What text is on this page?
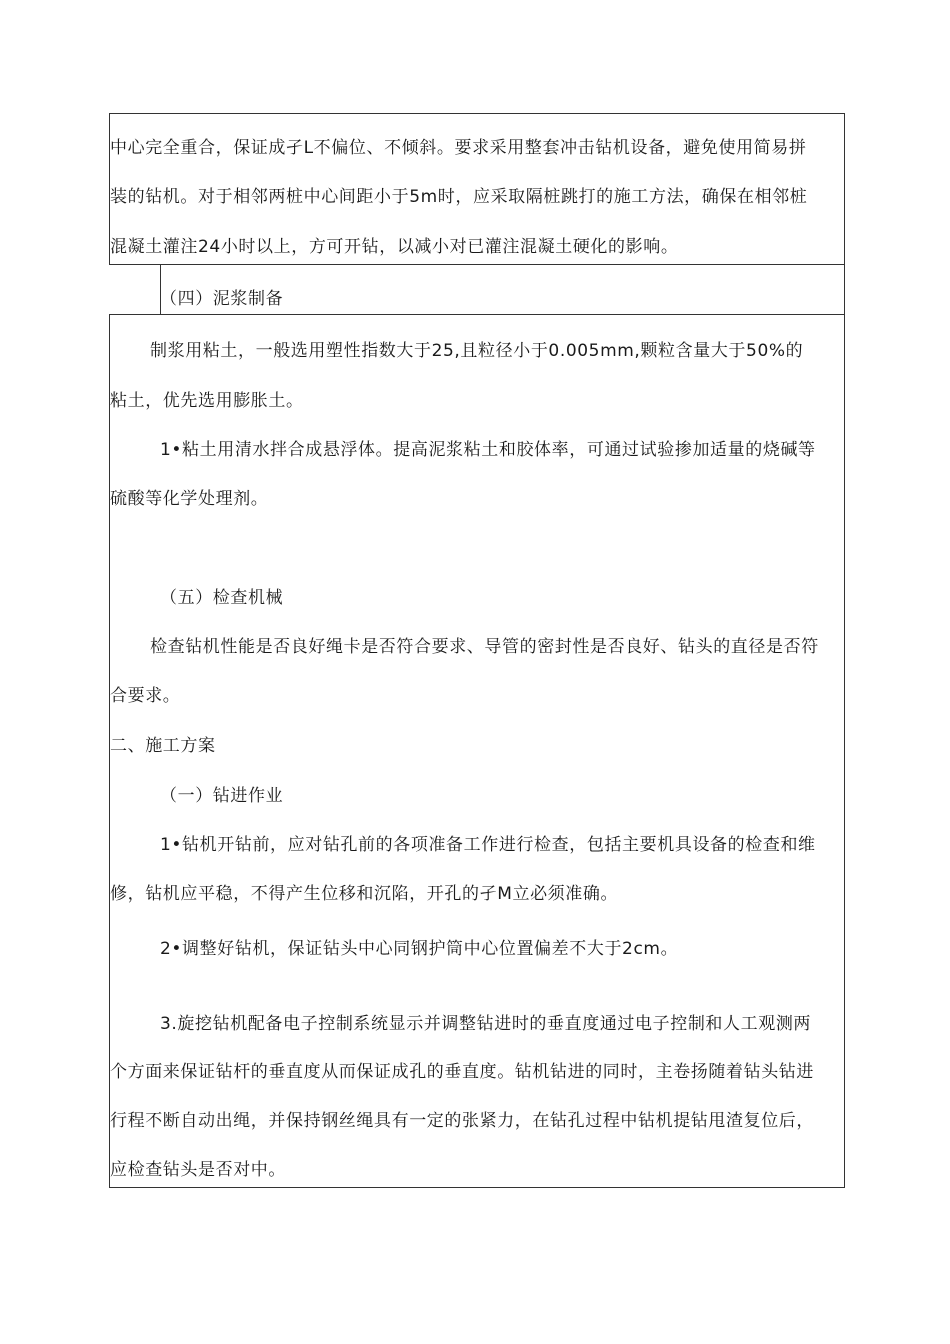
中心完全重合，保证成孑L不偏位、不倾斜。要求采用整套冲击钻机设备，避免使用简易拼
装的钻机。对于相邻两桩中心间距小于5m时，应采取隔桩跳打的施工方法，确保在相邻桩
混凝土灌注24小时以上，方可开钻，以减小对已灌注混凝土硬化的影响。
（四）泥浆制备
制浆用粘土，一般选用塑性指数大于25,且粒径小于0.005mm,颗粒含量大于50%的
粘土，优先选用膨胀土。
1•粘土用清水拌合成悬浮体。提高泥浆粘土和胶体率，可通过试验掺加适量的烧碱等
硫酸等化学处理剂。
（五）检查机械
检查钻机性能是否良好绳卡是否符合要求、导管的密封性是否良好、钻头的直径是否符
合要求。
二、施工方案
（一）钻进作业
1•钻机开钻前，应对钻孔前的各项准备工作进行检查，包括主要机具设备的检查和维
修，钻机应平稳，不得产生位移和沉陷，开孔的孑M立必须准确。
2•调整好钻机，保证钻头中心同钢护筒中心位置偏差不大于2cm。
3.旋挖钻机配备电子控制系统显示并调整钻进时的垂直度通过电子控制和人工观测两
个方面来保证钻杆的垂直度从而保证成孔的垂直度。钻机钻进的同时，主卷扬随着钻头钻进
行程不断自动出绳，并保持钢丝绳具有一定的张紧力，在钻孔过程中钻机提钻甩渣复位后，
应检查钻头是否对中。
